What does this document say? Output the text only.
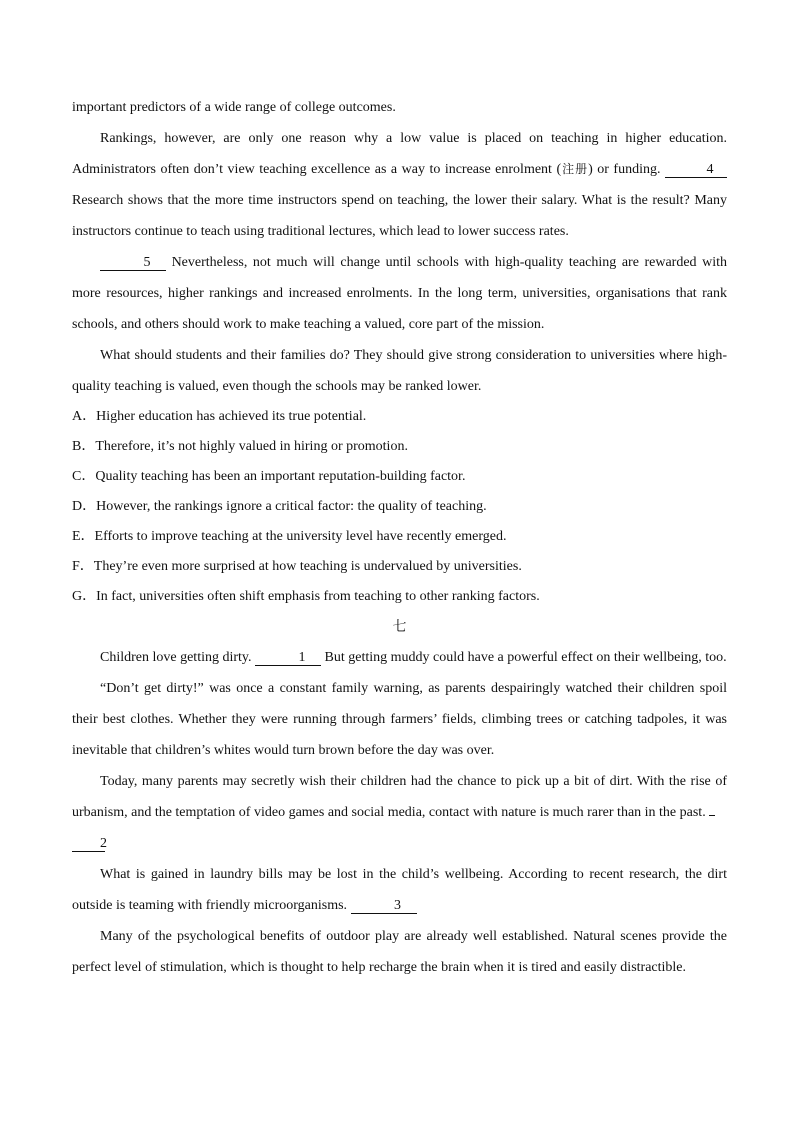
important predictors of a wide range of college outcomes.

Rankings, however, are only one reason why a low value is placed on teaching in higher education. Administrators often don’t view teaching excellence as a way to increase enrolment (注册) or funding.	4 Research shows that the more time instructors spend on teaching, the lower their salary. What is the result? Many instructors continue to teach using traditional lectures, which lead to lower success rates.

5 Nevertheless, not much will change until schools with high-quality teaching are rewarded with more resources, higher rankings and increased enrolments. In the long term, universities, organisations that rank schools, and others should work to make teaching a valued, core part of the mission.

What should students and their families do? They should give strong consideration to universities where high-quality teaching is valued, even though the schools may be ranked lower.

A．Higher education has achieved its true potential.

B．Therefore, it’s not highly valued in hiring or promotion.

C．Quality teaching has been an important reputation-building factor.

D．However, the rankings ignore a critical factor: the quality of teaching.

E．Efforts to improve teaching at the university level have recently emerged.

F．They’re even more surprised at how teaching is undervalued by universities.

G．In fact, universities often shift emphasis from teaching to other ranking factors.

七

Children love getting dirty.	1 But getting muddy could have a powerful effect on their wellbeing, too.

“Don’t get dirty!” was once a constant family warning, as parents despairingly watched their children spoil their best clothes. Whether they were running through farmers’ fields, climbing trees or catching tadpoles, it was inevitable that children’s whites would turn brown before the day was over.

Today, many parents may secretly wish their children had the chance to pick up a bit of dirt. With the rise of urbanism, and the temptation of video games and social media, contact with nature is much rarer than in the past.
2

What is gained in laundry bills may be lost in the child’s wellbeing. According to recent research, the dirt outside is teaming with friendly microorganisms.	3

Many of the psychological benefits of outdoor play are already well established. Natural scenes provide the perfect level of stimulation, which is thought to help recharge the brain when it is tired and easily distractible.
